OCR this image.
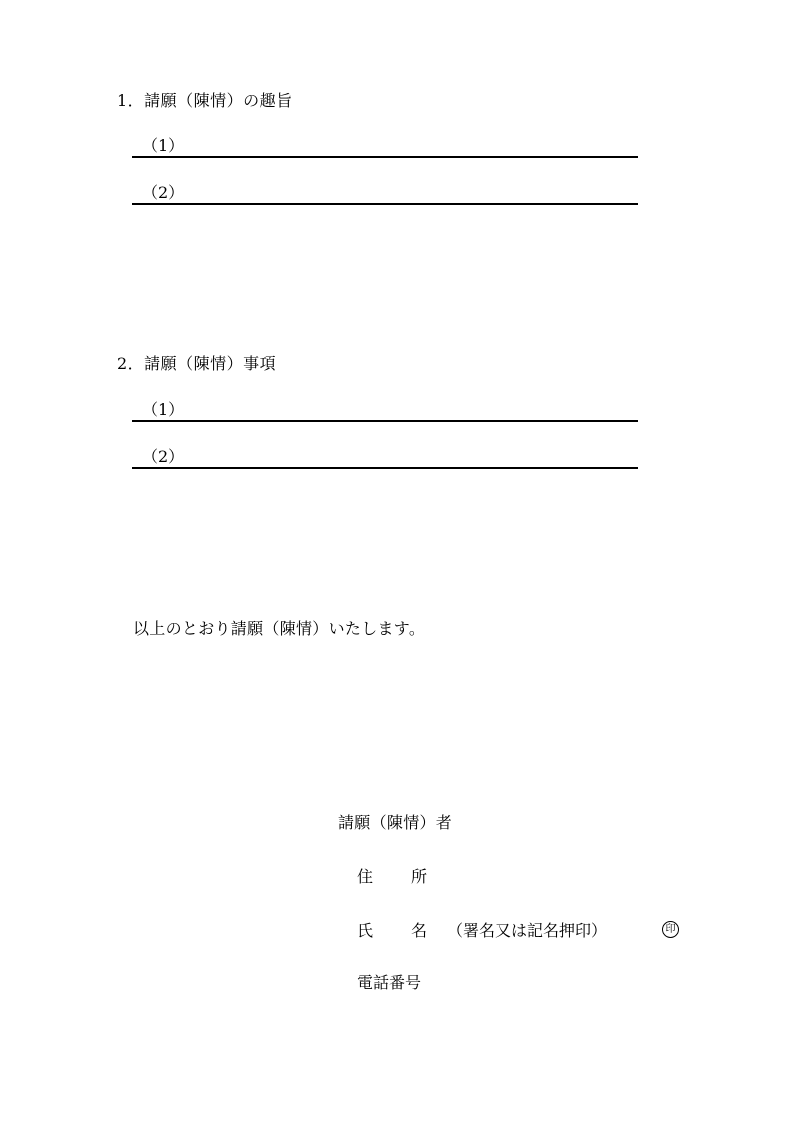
1．請願（陳情）の趣旨
（1）
（2）
2．請願（陳情）事項
（1）
（2）
以上のとおり請願（陳情）いたします。
請願（陳情）者
住所
氏名
（署名又は記名押印）	印
電話番号
